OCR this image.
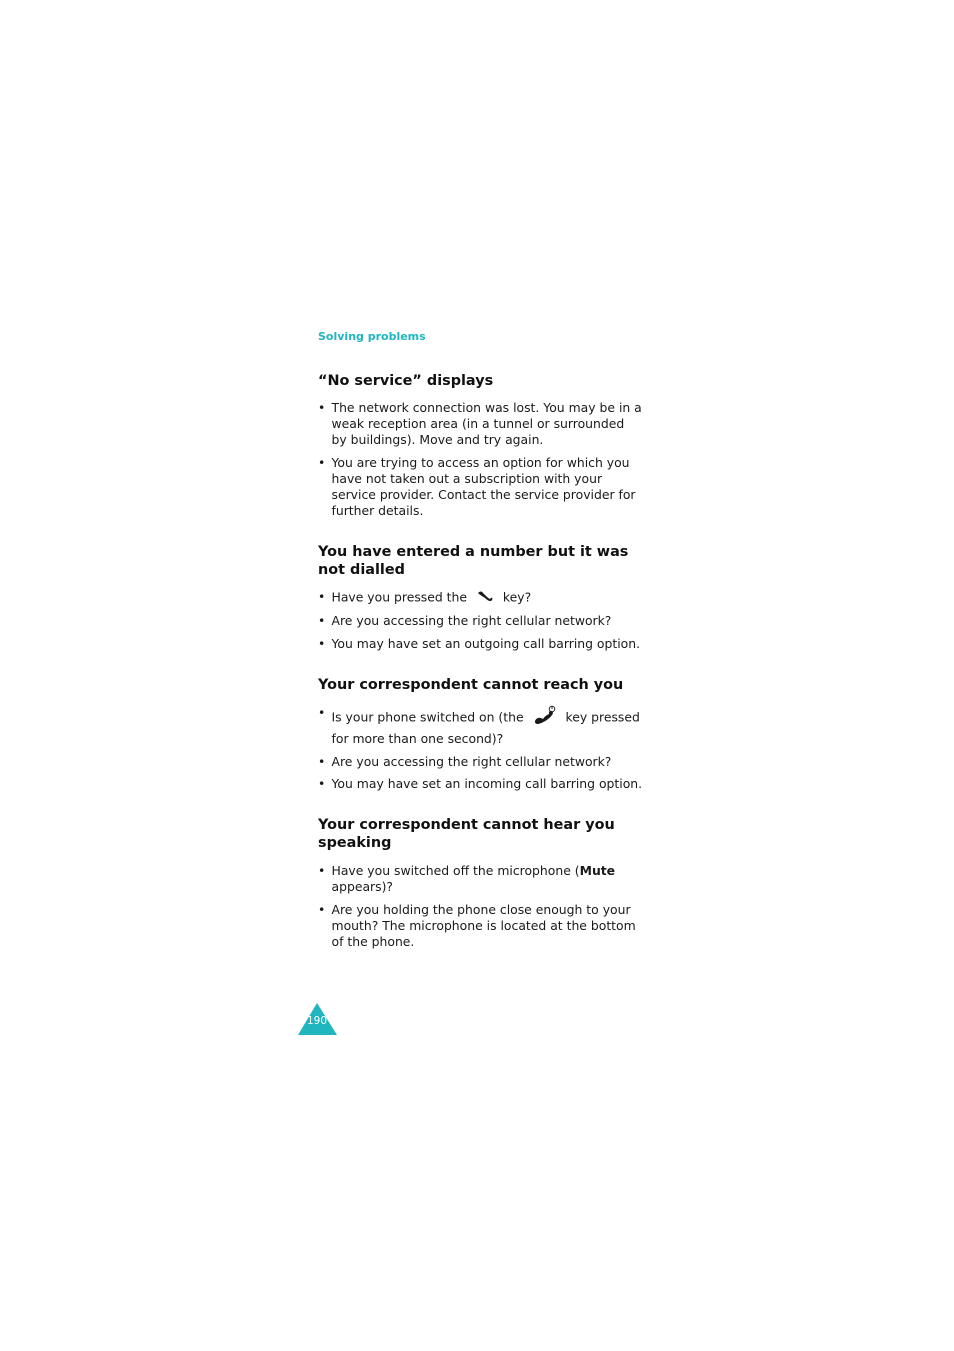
Solving problems

“No service” displays
• The network connection was lost. You may be in a weak reception area (in a tunnel or surrounded by buildings). Move and try again.
• You are trying to access an option for which you have not taken out a subscription with your service provider. Contact the service provider for further details.
You have entered a number but it was not dialled
• Have you pressed the	key?
• Are you accessing the right cellular network?
• You may have set an outgoing call barring option.
Your correspondent cannot reach you
• Is your phone switched on (the	key pressed for more than one second)?
• Are you accessing the right cellular network?
• You may have set an incoming call barring option.
Your correspondent cannot hear you speaking
• Have you switched off the microphone (Mute appears)?
• Are you holding the phone close enough to your mouth? The microphone is located at the bottom of the phone.
190
